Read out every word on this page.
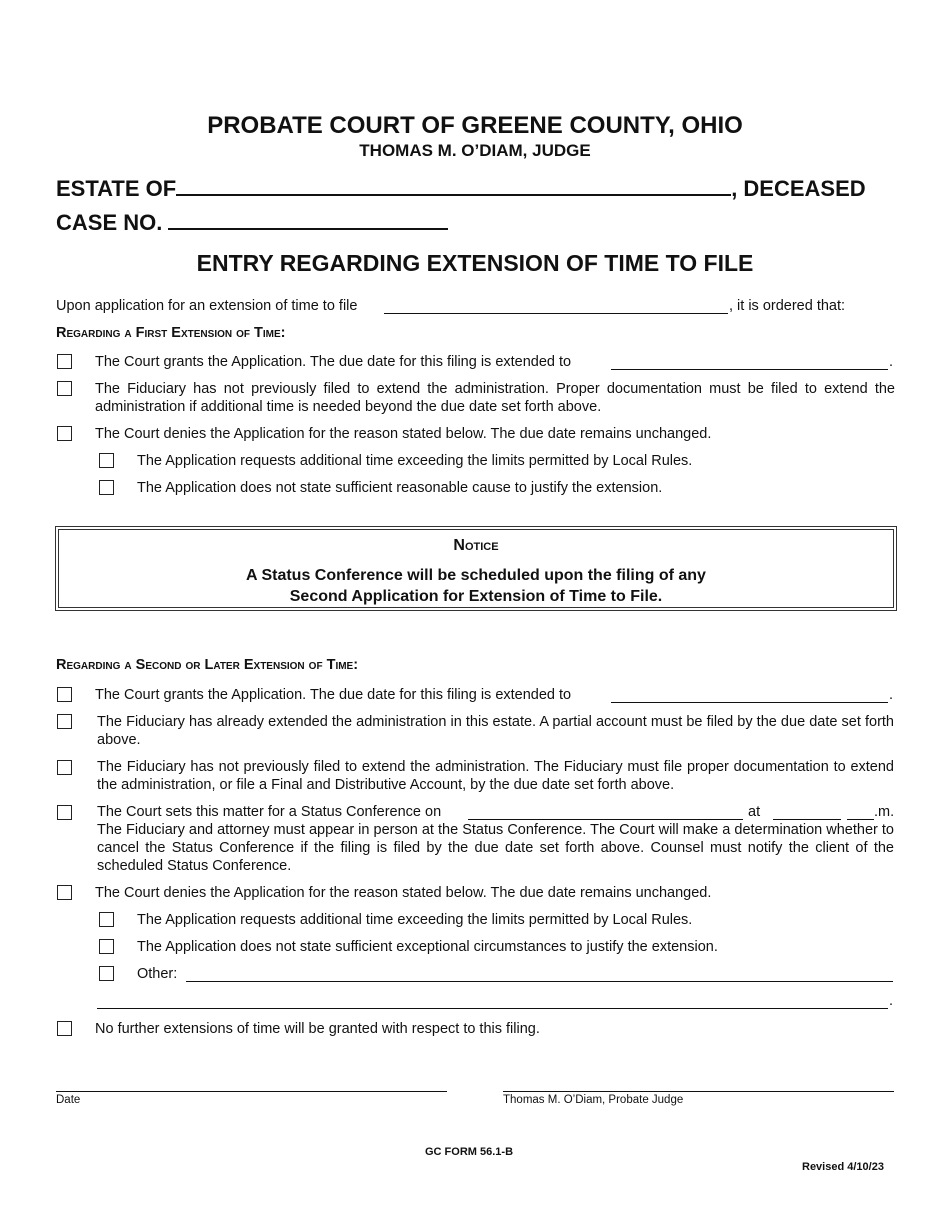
PROBATE COURT OF GREENE COUNTY, OHIO
THOMAS M. O’DIAM, JUDGE
ESTATE OF	, DECEASED
CASE NO.
ENTRY REGARDING EXTENSION OF TIME TO FILE
Upon application for an extension of time to file	, it is ordered that:
Regarding a First Extension of Time:
The Court grants the Application. The due date for this filing is extended to	.
The Fiduciary has not previously filed to extend the administration. Proper documentation must be filed to extend the administration if additional time is needed beyond the due date set forth above.
The Court denies the Application for the reason stated below. The due date remains unchanged.
The Application requests additional time exceeding the limits permitted by Local Rules.
The Application does not state sufficient reasonable cause to justify the extension.
Notice
A Status Conference will be scheduled upon the filing of any
Second Application for Extension of Time to File.
Regarding a Second or Later Extension of Time:
The Court grants the Application. The due date for this filing is extended to	.
The Fiduciary has already extended the administration in this estate. A partial account must be filed by the due date set forth above.
The Fiduciary has not previously filed to extend the administration. The Fiduciary must file proper documentation to extend the administration, or file a Final and Distributive Account, by the due date set forth above.
The Court sets this matter for a Status Conference on	at	.m.
The Fiduciary and attorney must appear in person at the Status Conference. The Court will make a determination whether to cancel the Status Conference if the filing is filed by the due date set forth above. Counsel must notify the client of the scheduled Status Conference.
The Court denies the Application for the reason stated below. The due date remains unchanged.
The Application requests additional time exceeding the limits permitted by Local Rules.
The Application does not state sufficient exceptional circumstances to justify the extension.
Other:
.
No further extensions of time will be granted with respect to this filing.
Date	Thomas M. O’Diam, Probate Judge
GC FORM 56.1-B
Revised 4/10/23
